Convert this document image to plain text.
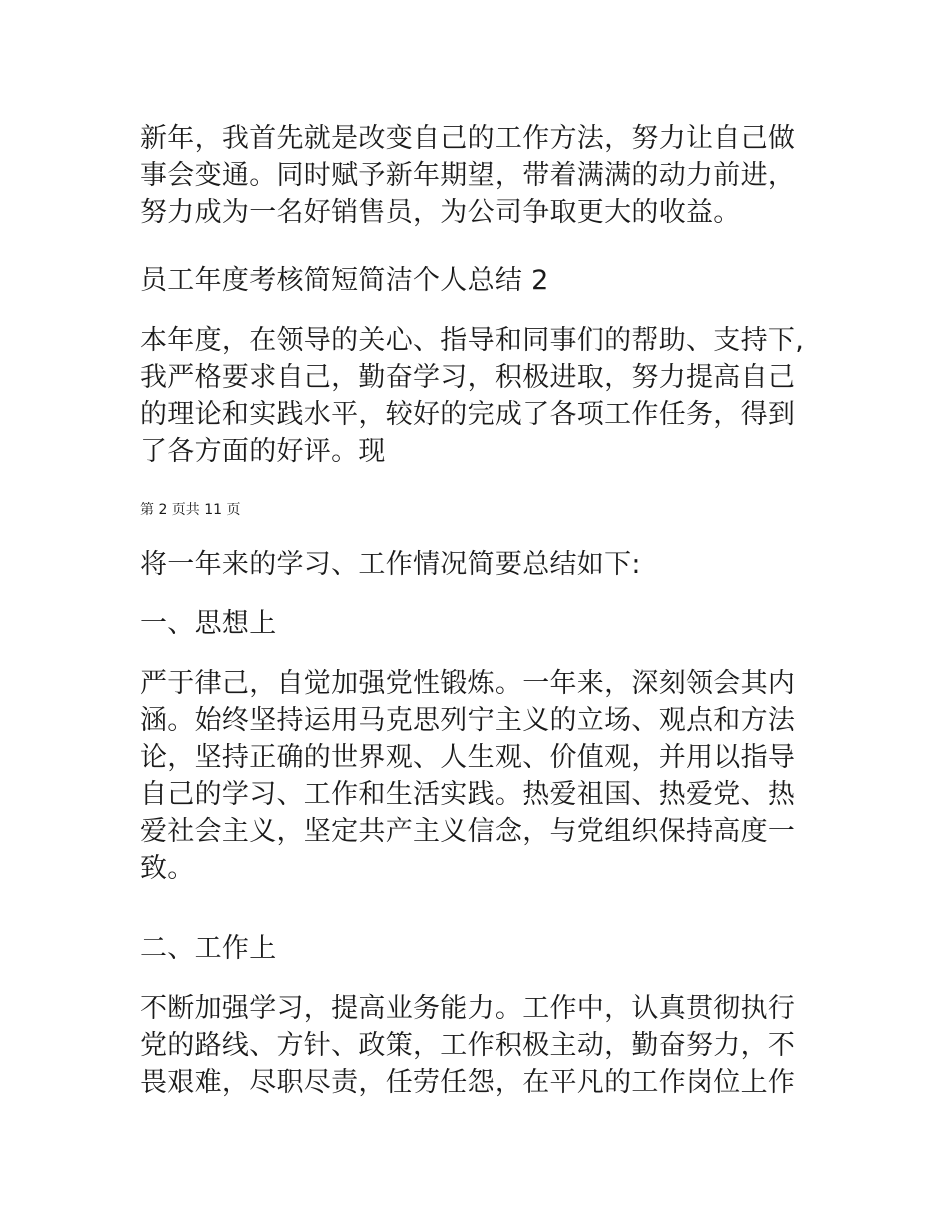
新年，我首先就是改变自己的工作方法，努力让自己做
事会变通。同时赋予新年期望，带着满满的动力前进，
努力成为一名好销售员，为公司争取更大的收益。
员工年度考核简短简洁个人总结 2
本年度，在领导的关心、指导和同事们的帮助、支持下,
我严格要求自己，勤奋学习，积极进取，努力提高自己
的理论和实践水平，较好的完成了各项工作任务，得到
了各方面的好评。现
第 2 页共 11 页
将一年来的学习、工作情况简要总结如下:
一、思想上
严于律己，自觉加强党性锻炼。一年来，深刻领会其内
涵。始终坚持运用马克思列宁主义的立场、观点和方法
论，坚持正确的世界观、人生观、价值观，并用以指导
自己的学习、工作和生活实践。热爱祖国、热爱党、热
爱社会主义，坚定共产主义信念，与党组织保持高度一
致。
二、工作上
不断加强学习，提高业务能力。工作中，认真贯彻执行
党的路线、方针、政策，工作积极主动，勤奋努力，不
畏艰难，尽职尽责，任劳任怨，在平凡的工作岗位上作
